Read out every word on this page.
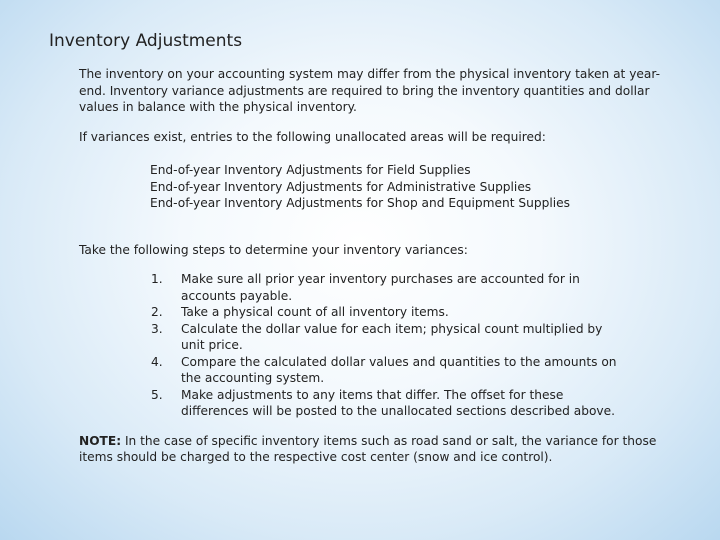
Inventory Adjustments

The inventory on your accounting system may differ from the physical inventory taken at year-end. Inventory variance adjustments are required to bring the inventory quantities and dollar values in balance with the physical inventory.

If variances exist, entries to the following unallocated areas will be required:

End-of-year Inventory Adjustments for Field Supplies
End-of-year Inventory Adjustments for Administrative Supplies
End-of-year Inventory Adjustments for Shop and Equipment Supplies

Take the following steps to determine your inventory variances:

1.	Make sure all prior year inventory purchases are accounted for in accounts payable.
2.	Take a physical count of all inventory items.
3.	Calculate the dollar value for each item; physical count multiplied by unit price.
4.	Compare the calculated dollar values and quantities to the amounts on the accounting system.
5.	Make adjustments to any items that differ. The offset for these differences will be posted to the unallocated sections described above.

NOTE: In the case of specific inventory items such as road sand or salt, the variance for those items should be charged to the respective cost center (snow and ice control).
